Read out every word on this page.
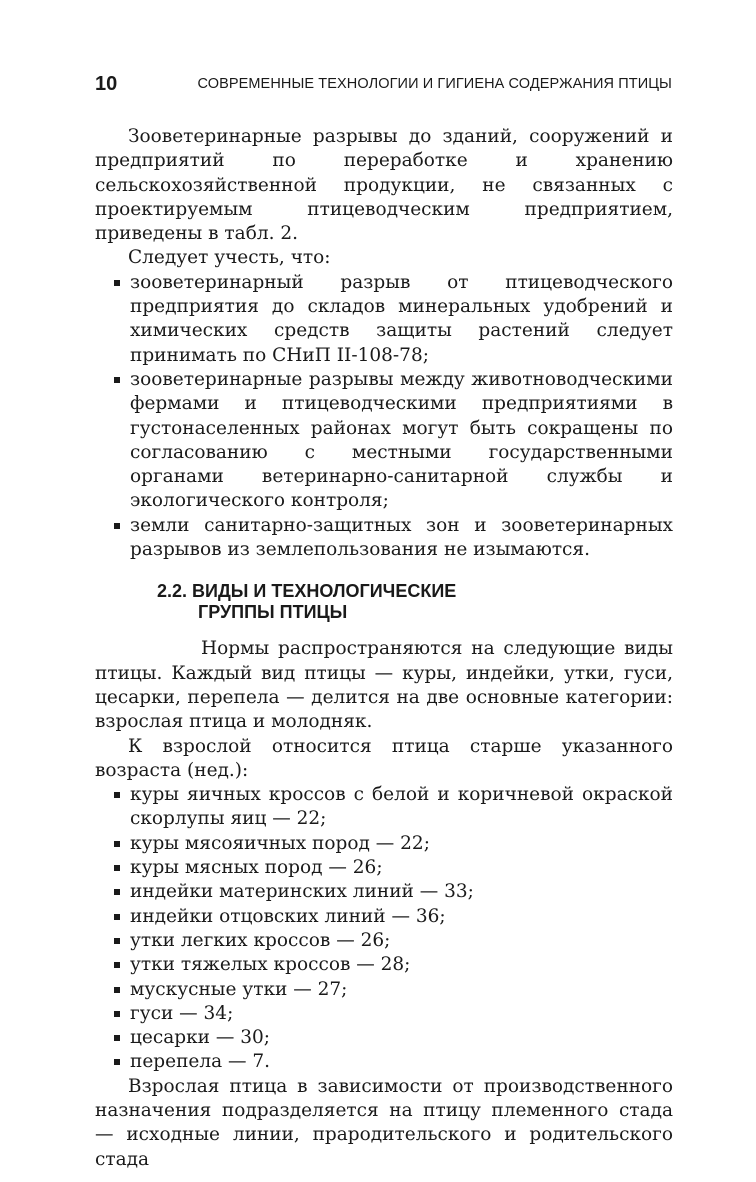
10	СОВРЕМЕННЫЕ ТЕХНОЛОГИИ И ГИГИЕНА СОДЕРЖАНИЯ ПТИЦЫ

Зооветеринарные разрывы до зданий, сооружений и предприятий по переработке и хранению сельскохозяйственной продукции, не связанных с проектируемым птицеводческим предприятием, приведены в табл. 2.

Следует учесть, что:

зооветеринарный разрыв от птицеводческого предприятия до складов минеральных удобрений и химических средств защиты растений следует принимать по СНиП II-108-78;
зооветеринарные разрывы между животноводческими фермами и птицеводческими предприятиями в густонаселенных районах могут быть сокращены по согласованию с местными государственными органами ветеринарно-санитарной службы и экологического контроля;
земли санитарно-защитных зон и зооветеринарных разрывов из землепользования не изымаются.
2.2. ВИДЫ И ТЕХНОЛОГИЧЕСКИЕ
ГРУППЫ ПТИЦЫ

Нормы распространяются на следующие виды птицы. Каждый вид птицы — куры, индейки, утки, гуси, цесарки, перепела — делится на две основные категории: взрослая птица и молодняк.

К взрослой относится птица старше указанного возраста (нед.):

куры яичных кроссов с белой и коричневой окраской скорлупы яиц — 22;
куры мясояичных пород — 22;
куры мясных пород — 26;
индейки материнских линий — 33;
индейки отцовских линий — 36;
утки легких кроссов — 26;
утки тяжелых кроссов — 28;
мускусные утки — 27;
гуси — 34;
цесарки — 30;
перепела — 7.

Взрослая птица в зависимости от производственного назначения подразделяется на птицу племенного стада — исходные линии, прародительского и родительского стада
